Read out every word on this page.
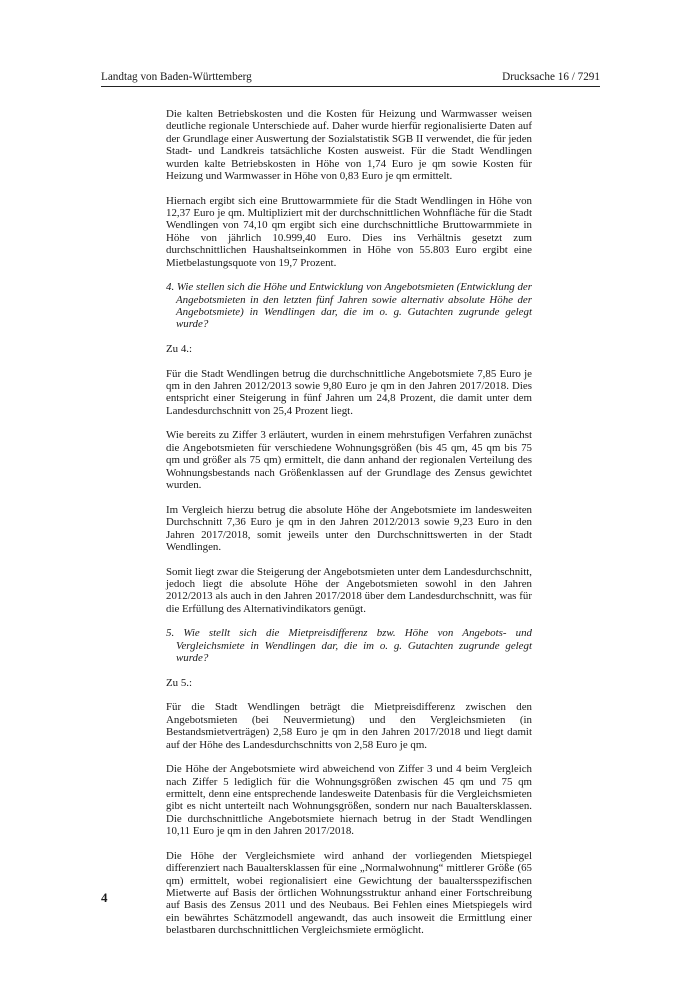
Landtag von Baden-Württemberg	Drucksache 16 / 7291

Die kalten Betriebskosten und die Kosten für Heizung und Warmwasser weisen deutliche regionale Unterschiede auf. Daher wurde hierfür regionalisierte Daten auf der Grundlage einer Auswertung der Sozialstatistik SGB II verwendet, die für jeden Stadt- und Landkreis tatsächliche Kosten ausweist. Für die Stadt Wendlingen wurden kalte Betriebskosten in Höhe von 1,74 Euro je qm sowie Kosten für Heizung und Warmwasser in Höhe von 0,83 Euro je qm ermittelt.

Hiernach ergibt sich eine Bruttowarmmiete für die Stadt Wendlingen in Höhe von 12,37 Euro je qm. Multipliziert mit der durchschnittlichen Wohnfläche für die Stadt Wendlingen von 74,10 qm ergibt sich eine durchschnittliche Bruttowarmmiete in Höhe von jährlich 10.999,40 Euro. Dies ins Verhältnis gesetzt zum durchschnittlichen Haushaltseinkommen in Höhe von 55.803 Euro ergibt eine Mietbelastungsquote von 19,7 Prozent.

4. Wie stellen sich die Höhe und Entwicklung von Angebotsmieten (Entwicklung der Angebotsmieten in den letzten fünf Jahren sowie alternativ absolute Höhe der Angebotsmiete) in Wendlingen dar, die im o. g. Gutachten zugrunde gelegt wurde?

Zu 4.:

Für die Stadt Wendlingen betrug die durchschnittliche Angebotsmiete 7,85 Euro je qm in den Jahren 2012/2013 sowie 9,80 Euro je qm in den Jahren 2017/2018. Dies entspricht einer Steigerung in fünf Jahren um 24,8 Prozent, die damit unter dem Landesdurchschnitt von 25,4 Prozent liegt.

Wie bereits zu Ziffer 3 erläutert, wurden in einem mehrstufigen Verfahren zunächst die Angebotsmieten für verschiedene Wohnungsgrößen (bis 45 qm, 45 qm bis 75 qm und größer als 75 qm) ermittelt, die dann anhand der regionalen Verteilung des Wohnungsbestands nach Größenklassen auf der Grundlage des Zensus gewichtet wurden.

Im Vergleich hierzu betrug die absolute Höhe der Angebotsmiete im landesweiten Durchschnitt 7,36 Euro je qm in den Jahren 2012/2013 sowie 9,23 Euro in den Jahren 2017/2018, somit jeweils unter den Durchschnittswerten in der Stadt Wendlingen.

Somit liegt zwar die Steigerung der Angebotsmieten unter dem Landesdurchschnitt, jedoch liegt die absolute Höhe der Angebotsmieten sowohl in den Jahren 2012/2013 als auch in den Jahren 2017/2018 über dem Landesdurchschnitt, was für die Erfüllung des Alternativindikators genügt.

5. Wie stellt sich die Mietpreisdifferenz bzw. Höhe von Angebots- und Vergleichsmiete in Wendlingen dar, die im o. g. Gutachten zugrunde gelegt wurde?

Zu 5.:

Für die Stadt Wendlingen beträgt die Mietpreisdifferenz zwischen den Angebotsmieten (bei Neuvermietung) und den Vergleichsmieten (in Bestandsmietverträgen) 2,58 Euro je qm in den Jahren 2017/2018 und liegt damit auf der Höhe des Landesdurchschnitts von 2,58 Euro je qm.

Die Höhe der Angebotsmiete wird abweichend von Ziffer 3 und 4 beim Vergleich nach Ziffer 5 lediglich für die Wohnungsgrößen zwischen 45 qm und 75 qm ermittelt, denn eine entsprechende landesweite Datenbasis für die Vergleichsmieten gibt es nicht unterteilt nach Wohnungsgrößen, sondern nur nach Baualtersklassen. Die durchschnittliche Angebotsmiete hiernach betrug in der Stadt Wendlingen 10,11 Euro je qm in den Jahren 2017/2018.

Die Höhe der Vergleichsmiete wird anhand der vorliegenden Mietspiegel differenziert nach Baualtersklassen für eine „Normalwohnung“ mittlerer Größe (65 qm) ermittelt, wobei regionalisiert eine Gewichtung der baualtersspezifischen Mietwerte auf Basis der örtlichen Wohnungsstruktur anhand einer Fortschreibung auf Basis des Zensus 2011 und des Neubaus. Bei Fehlen eines Mietspiegels wird ein bewährtes Schätzmodell angewandt, das auch insoweit die Ermittlung einer belastbaren durchschnittlichen Vergleichsmiete ermöglicht.

4
